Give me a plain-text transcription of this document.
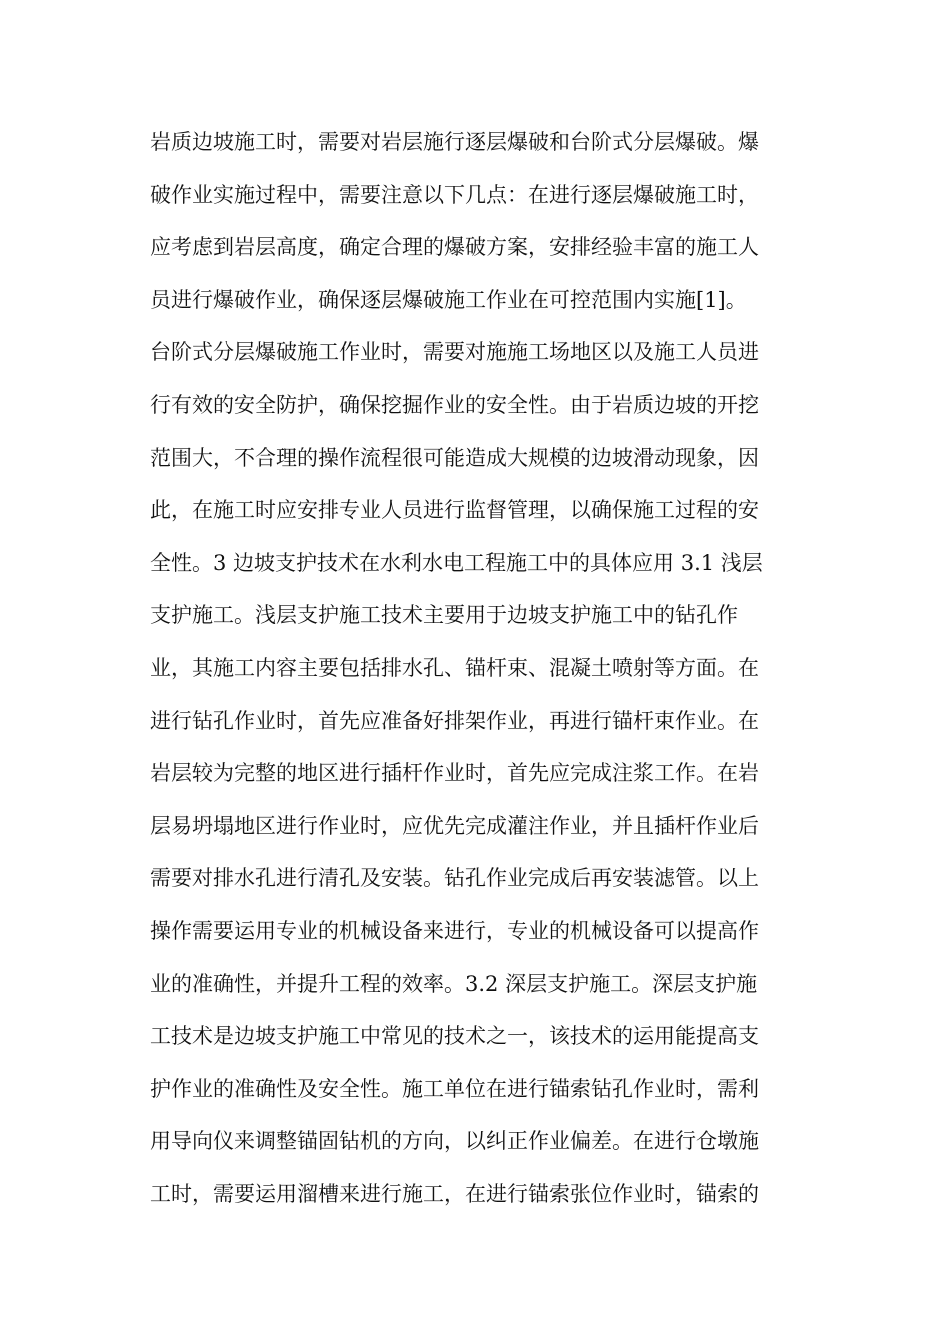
岩质边坡施工时，需要对岩层施行逐层爆破和台阶式分层爆破。爆
破作业实施过程中，需要注意以下几点：在进行逐层爆破施工时，
应考虑到岩层高度，确定合理的爆破方案，安排经验丰富的施工人
员进行爆破作业，确保逐层爆破施工作业在可控范围内实施[1]。
台阶式分层爆破施工作业时，需要对施施工场地区以及施工人员进
行有效的安全防护，确保挖掘作业的安全性。由于岩质边坡的开挖
范围大，不合理的操作流程很可能造成大规模的边坡滑动现象，因
此，在施工时应安排专业人员进行监督管理，以确保施工过程的安
全性。3 边坡支护技术在水利水电工程施工中的具体应用 3.1 浅层
支护施工。浅层支护施工技术主要用于边坡支护施工中的钻孔作
业，其施工内容主要包括排水孔、锚杆束、混凝土喷射等方面。在
进行钻孔作业时，首先应准备好排架作业，再进行锚杆束作业。在
岩层较为完整的地区进行插杆作业时，首先应完成注浆工作。在岩
层易坍塌地区进行作业时，应优先完成灌注作业，并且插杆作业后
需要对排水孔进行清孔及安装。钻孔作业完成后再安装滤管。以上
操作需要运用专业的机械设备来进行，专业的机械设备可以提高作
业的准确性，并提升工程的效率。3.2 深层支护施工。深层支护施
工技术是边坡支护施工中常见的技术之一，该技术的运用能提高支
护作业的准确性及安全性。施工单位在进行锚索钻孔作业时，需利
用导向仪来调整锚固钻机的方向，以纠正作业偏差。在进行仓墩施
工时，需要运用溜槽来进行施工，在进行锚索张位作业时，锚索的
